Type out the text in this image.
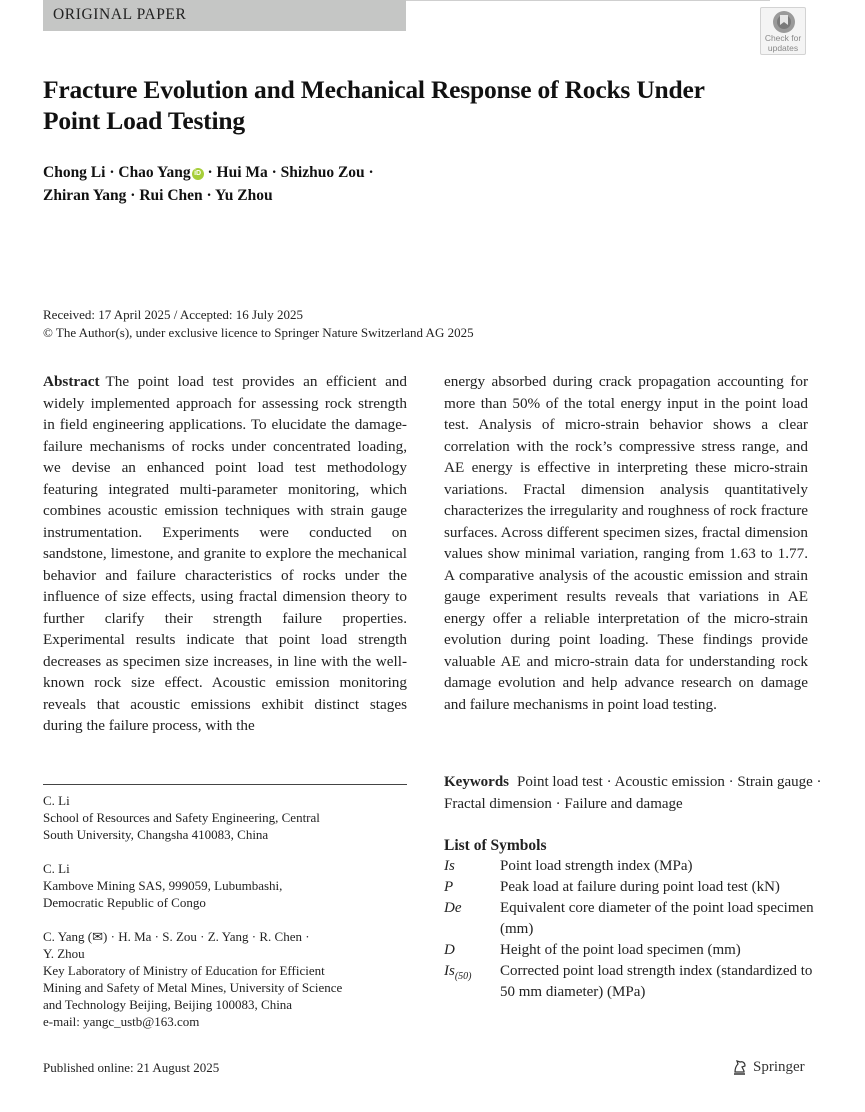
ORIGINAL PAPER
Check for
updates
Fracture Evolution and Mechanical Response of Rocks Under Point Load Testing
Chong Li · Chao Yang iD · Hui Ma · Shizhuo Zou ·
Zhiran Yang · Rui Chen · Yu Zhou
Received: 17 April 2025 / Accepted: 16 July 2025
© The Author(s), under exclusive licence to Springer Nature Switzerland AG 2025
Abstract The point load test provides an efficient and widely implemented approach for assessing rock strength in field engineering applications. To elucidate the damage-failure mechanisms of rocks under concentrated loading, we devise an enhanced point load test methodology featuring integrated multi-parameter monitoring, which combines acoustic emission techniques with strain gauge instrumentation. Experiments were conducted on sandstone, limestone, and granite to explore the mechanical behavior and failure characteristics of rocks under the influence of size effects, using fractal dimension theory to further clarify their strength failure properties. Experimental results indicate that point load strength decreases as specimen size increases, in line with the well-known rock size effect. Acoustic emission monitoring reveals that acoustic emissions exhibit distinct stages during the failure process, with the
energy absorbed during crack propagation accounting for more than 50% of the total energy input in the point load test. Analysis of micro-strain behavior shows a clear correlation with the rock’s compressive stress range, and AE energy is effective in interpreting these micro-strain variations. Fractal dimension analysis quantitatively characterizes the irregularity and roughness of rock fracture surfaces. Across different specimen sizes, fractal dimension values show minimal variation, ranging from 1.63 to 1.77. A comparative analysis of the acoustic emission and strain gauge experiment results reveals that variations in AE energy offer a reliable interpretation of the micro-strain evolution during point loading. These findings provide valuable AE and micro-strain data for understanding rock damage evolution and help advance research on damage and failure mechanisms in point load testing.
C. Li
School of Resources and Safety Engineering, Central
South University, Changsha 410083, China
C. Li
Kambove Mining SAS, 999059, Lubumbashi,
Democratic Republic of Congo
C. Yang (✉) · H. Ma · S. Zou · Z. Yang · R. Chen ·
Y. Zhou
Key Laboratory of Ministry of Education for Efficient
Mining and Safety of Metal Mines, University of Science
and Technology Beijing, Beijing 100083, China
e-mail: yangc_ustb@163.com
Keywords Point load test · Acoustic emission · Strain gauge · Fractal dimension · Failure and damage
List of Symbols
Is	Point load strength index (MPa)
P	Peak load at failure during point load test (kN)
De	Equivalent core diameter of the point load specimen (mm)
D	Height of the point load specimen (mm)
$Is_{(50)}$	Corrected point load strength index (standardized to 50 mm diameter) (MPa)
Published online: 21 August 2025	Springer
